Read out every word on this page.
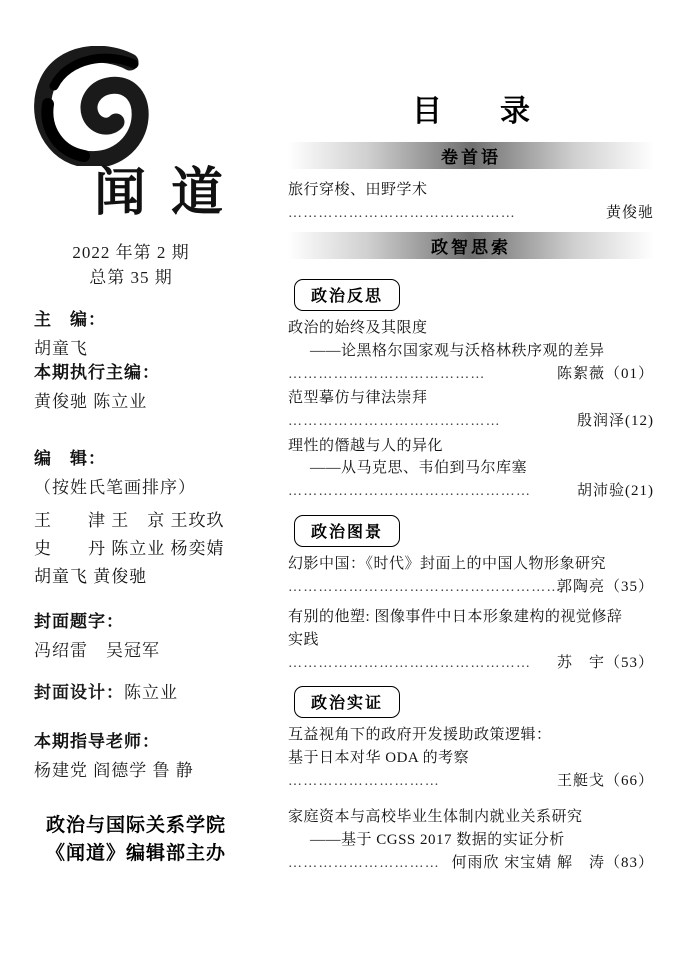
闻 道
2022 年第 2 期
总第 35 期
主　编：
胡童飞
本期执行主编：
黄俊驰 陈立业
编　辑：
（按姓氏笔画排序）
王　　津 王　京 王玫玖
史　　丹 陈立业 杨奕婧
胡童飞 黄俊驰
封面题字：
冯绍雷　吴冠军
封面设计：陈立业
本期指导老师：
杨建党 阎德学 鲁 静
政治与国际关系学院
《闻道》编辑部主办
目　录
卷首语
旅行穿梭、田野学术
黄俊驰
………………………………………
政智思索
政治反思
政治的始终及其限度
——论黑格尔国家观与沃格林秩序观的差异
陈絮薇（01）
…………………………………
范型摹仿与律法崇拜
殷润泽(12)
……………………………………
理性的僭越与人的异化
——从马克思、韦伯到马尔库塞
胡沛验(21)
…………………………………………
政治图景
幻影中国：《时代》封面上的中国人物形象研究
郭陶亮（35）
………………………………………………
有别的他塑: 图像事件中日本形象建构的视觉修辞
实践
苏　宇（53）
…………………………………………
政治实证
互益视角下的政府开发援助政策逻辑：
基于日本对华 ODA 的考察
王艇戈（66）
…………………………
家庭资本与高校毕业生体制内就业关系研究
——基于 CGSS 2017 数据的实证分析
何雨欣 宋宝婧 解　涛（83）
…………………………
